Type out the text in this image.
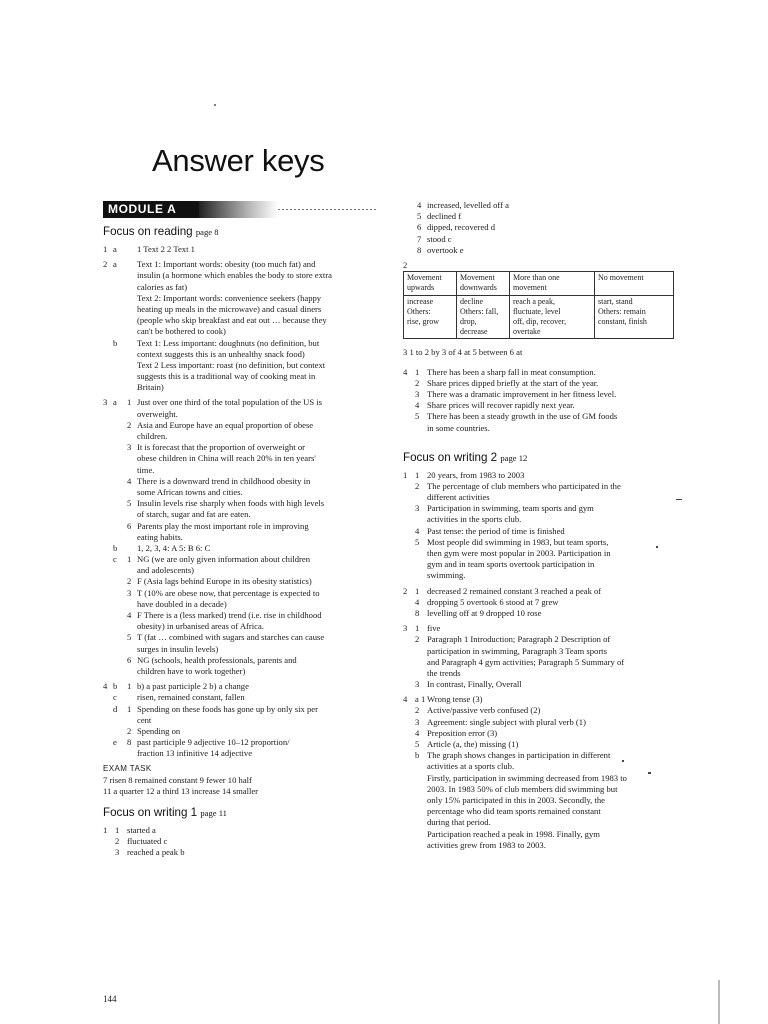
Answer keys
MODULE A
Focus on reading page 8
1 a 1 Text 2 2 Text 1
2 a Text 1: Important words: obesity (too much fat) and
insulin (a hormone which enables the body to store extra
calories as fat)
Text 2: Important words: convenience seekers (happy
heating up meals in the microwave) and casual diners
(people who skip breakfast and eat out … because they
can't be bothered to cook)
b Text 1: Less important: doughnuts (no definition, but
context suggests this is an unhealthy snack food)
Text 2 Less important: roast (no definition, but context
suggests this is a traditional way of cooking meat in
Britain)
3 a 1 Just over one third of the total population of the US is
overweight.
2 Asia and Europe have an equal proportion of obese
children.
3 It is forecast that the proportion of overweight or
obese children in China will reach 20% in ten years'
time.
4 There is a downward trend in childhood obesity in
some African towns and cities.
5 Insulin levels rise sharply when foods with high levels
of starch, sugar and fat are eaten.
6 Parents play the most important role in improving
eating habits.
b 1, 2, 3, 4: A 5: B 6: C
c 1 NG (we are only given information about children
and adolescents)
2 F (Asia lags behind Europe in its obesity statistics)
3 T (10% are obese now, that percentage is expected to
have doubled in a decade)
4 F There is a (less marked) trend (i.e. rise in childhood
obesity) in urbanised areas of Africa.
5 T (fat … combined with sugars and starches can cause
surges in insulin levels)
6 NG (schools, health professionals, parents and
children have to work together)
4 b 1 b) a past participle 2 b) a change
c risen, remained constant, fallen
d 1 Spending on these foods has gone up by only six per
cent
2 Spending on
e 8 past participle 9 adjective 10–12 proportion/
fraction 13 infinitive 14 adjective
EXAM TASK
7 risen 8 remained constant 9 fewer 10 half
11 a quarter 12 a third 13 increase 14 smaller
Focus on writing 1 page 11
1 1 started a
2 fluctuated c
3 reached a peak b
4 increased, levelled off a
5 declined f
6 dipped, recovered d
7 stood c
8 overtook e
2
Movement upwards	Movement downwards	More than one movement	No movement
increase
Others:
rise, grow	decline
Others: fall,
drop,
decrease	reach a peak,
fluctuate, level
off, dip, recover,
overtake	start, stand
Others: remain
constant, finish
3 1 to 2 by 3 of 4 at 5 between 6 at
4 1 There has been a sharp fall in meat consumption.
2 Share prices dipped briefly at the start of the year.
3 There was a dramatic improvement in her fitness level.
4 Share prices will recover rapidly next year.
5 There has been a steady growth in the use of GM foods
in some countries.
Focus on writing 2 page 12
1 1 20 years, from 1983 to 2003
2 The percentage of club members who participated in the
different activities
3 Participation in swimming, team sports and gym
activities in the sports club.
4 Past tense: the period of time is finished
5 Most people did swimming in 1983, but team sports,
then gym were most popular in 2003. Participation in
gym and in team sports overtook participation in
swimming.
2 1 decreased 2 remained constant 3 reached a peak of
4 dropping 5 overtook 6 stood at 7 grew
8 levelling off at 9 dropped 10 rose
3 1 five
2 Paragraph 1 Introduction; Paragraph 2 Description of
participation in swimming, Paragraph 3 Team sports
and Paragraph 4 gym activities; Paragraph 5 Summary of
the trends
3 In contrast, Finally, Overall
4 a 1 Wrong tense (3)
2 Active/passive verb confused (2)
3 Agreement: single subject with plural verb (1)
4 Preposition error (3)
5 Article (a, the) missing (1)
b The graph shows changes in participation in different
activities at a sports club.
Firstly, participation in swimming decreased from 1983 to
2003. In 1983 50% of club members did swimming but
only 15% participated in this in 2003. Secondly, the
percentage who did team sports remained constant
during that period.
Participation reached a peak in 1998. Finally, gym
activities grew from 1983 to 2003.
144
